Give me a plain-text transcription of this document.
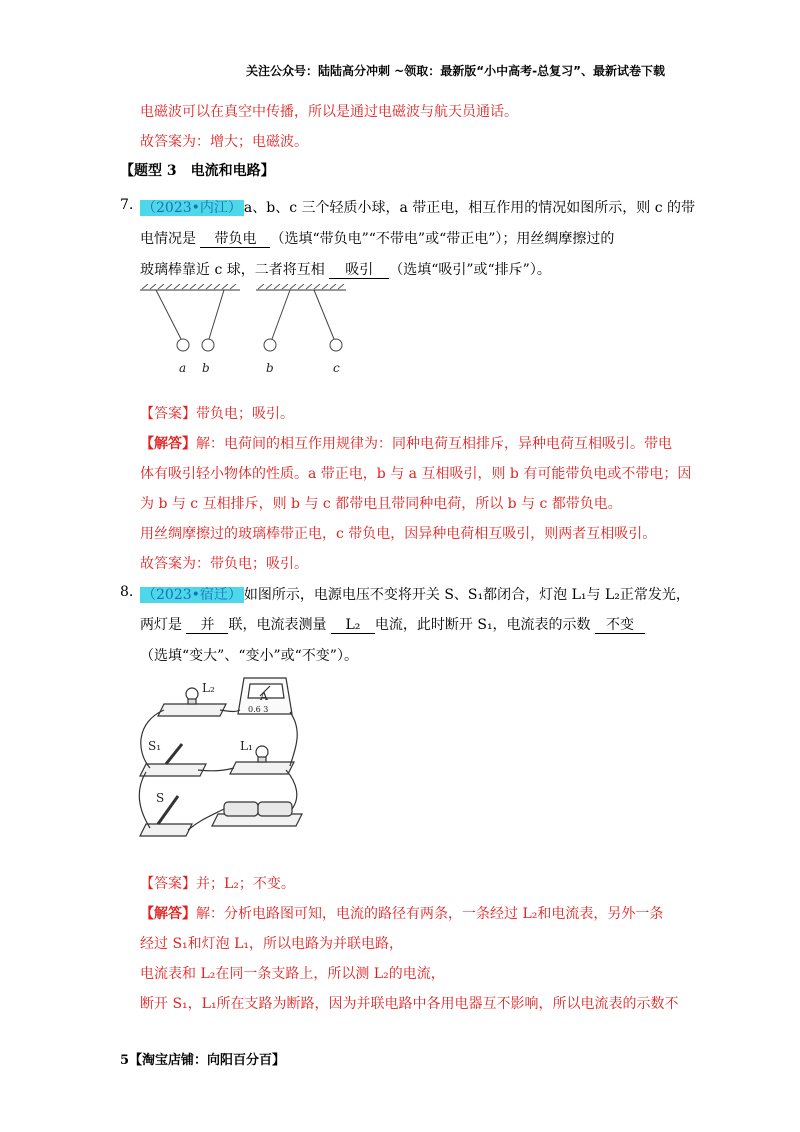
关注公众号：陆陆高分冲刺 ~领取：最新版“小中高考-总复习”、最新试卷下载
电磁波可以在真空中传播，所以是通过电磁波与航天员通话。
故答案为：增大；电磁波。
【题型 3　电流和电路】
7. （2023•内江） a、b、c 三个轻质小球，a 带正电，相互作用的情况如图所示，则 c 的带
电情况是 带负电 （选填“带负电”“不带电”或“带正电”）；用丝绸摩擦过的
玻璃棒靠近 c 球，二者将互相 吸引 （选填“吸引”或“排斥”）。
a b	b	c
【答案】带负电；吸引。
【解答】解：电荷间的相互作用规律为：同种电荷互相排斥，异种电荷互相吸引。带电
体有吸引轻小物体的性质。a 带正电，b 与 a 互相吸引，则 b 有可能带负电或不带电；因
为 b 与 c 互相排斥，则 b 与 c 都带电且带同种电荷，所以 b 与 c 都带负电。
用丝绸摩擦过的玻璃棒带正电，c 带负电，因异种电荷相互吸引，则两者互相吸引。
故答案为：带负电；吸引。
8. （2023•宿迁） 如图所示，电源电压不变将开关 S、S₁都闭合，灯泡 L₁与 L₂正常发光，
两灯是 并 联，电流表测量 L₂ 电流，此时断开 S₁，电流表的示数 不变
（选填“变大”、“变小”或“不变”）。
L₂
A
0.6 3
S₁	L₁
S
【答案】并；L₂；不变。
【解答】解：分析电路图可知，电流的路径有两条，一条经过 L₂和电流表，另外一条
经过 S₁和灯泡 L₁，所以电路为并联电路，
电流表和 L₂在同一条支路上，所以测 L₂的电流，
断开 S₁，L₁所在支路为断路，因为并联电路中各用电器互不影响，所以电流表的示数不
5【淘宝店铺：向阳百分百】
